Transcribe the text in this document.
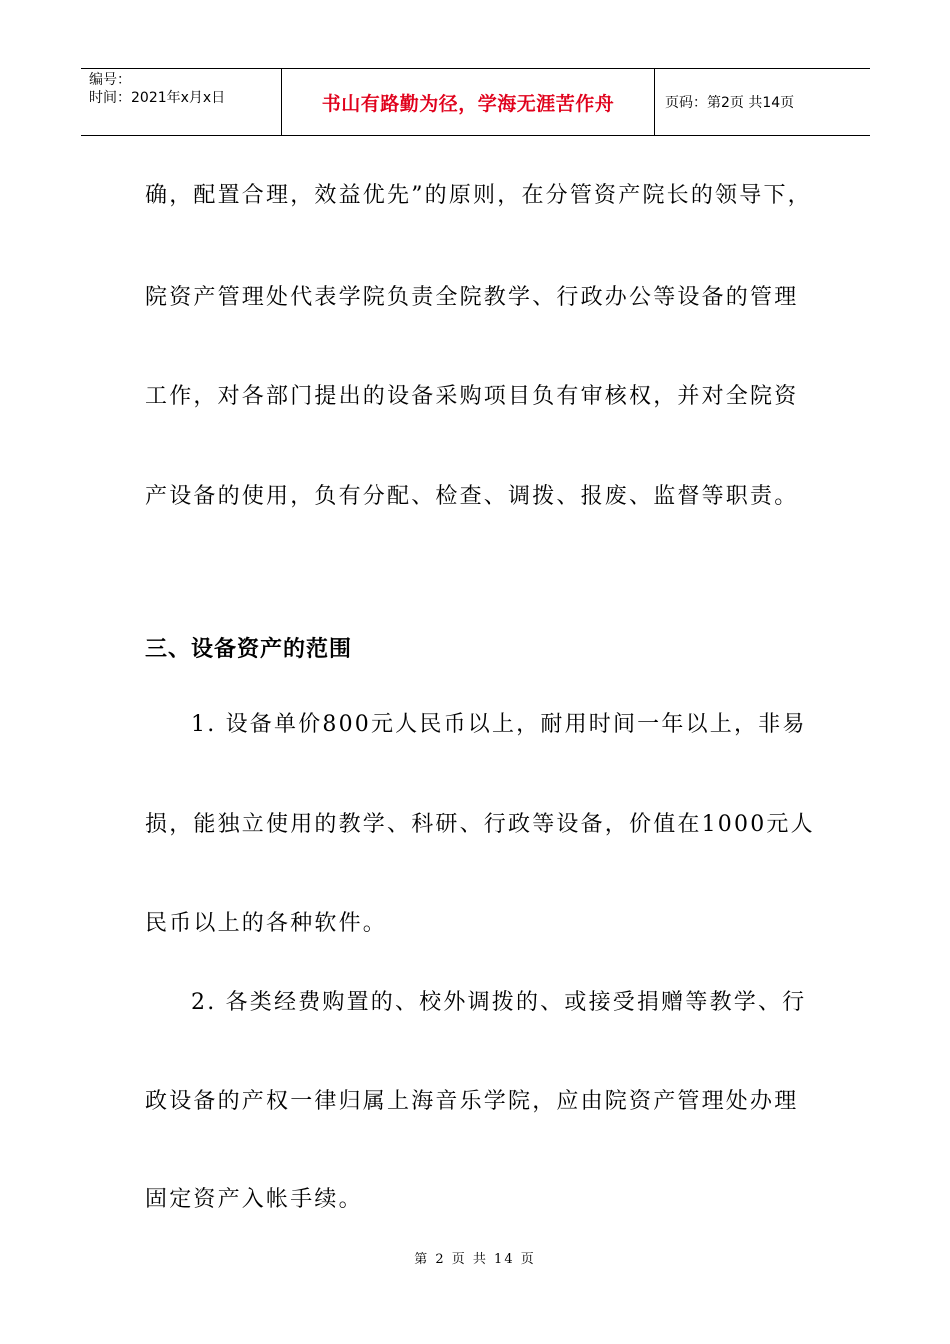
编号：
时间：2021年x月x日	书山有路勤为径，学海无涯苦作舟	页码：第2页 共14页
确，配置合理，效益优先”的原则，在分管资产院长的领导下，
院资产管理处代表学院负责全院教学、行政办公等设备的管理
工作，对各部门提出的设备采购项目负有审核权，并对全院资
产设备的使用，负有分配、检查、调拨、报废、监督等职责。
三、设备资产的范围
1. 设备单价800元人民币以上，耐用时间一年以上，非易
损，能独立使用的教学、科研、行政等设备，价值在1000元人
民币以上的各种软件。
2. 各类经费购置的、校外调拨的、或接受捐赠等教学、行
政设备的产权一律归属上海音乐学院，应由院资产管理处办理
固定资产入帐手续。
第 2 页 共 14 页
